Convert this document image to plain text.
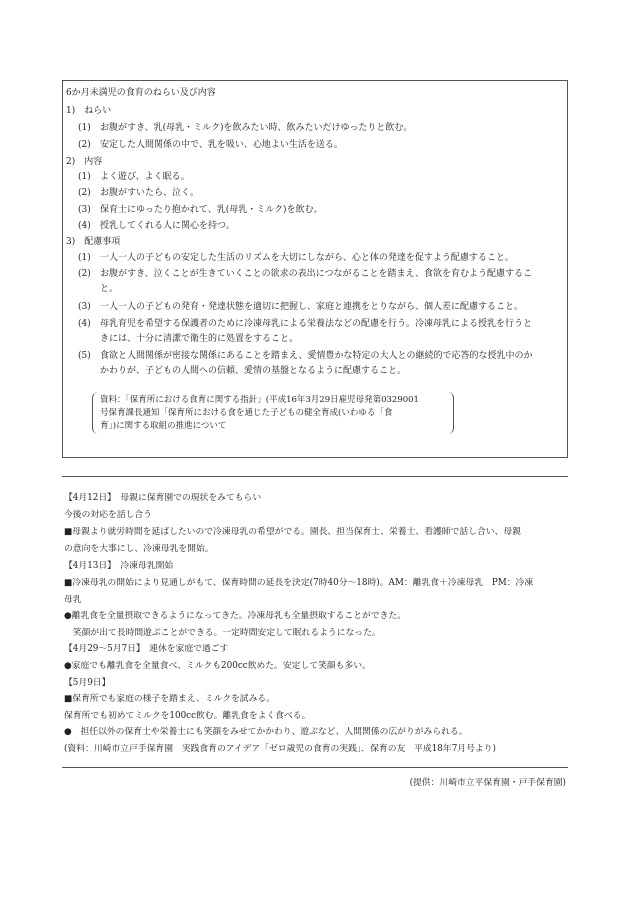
6か月未満児の食育のねらい及び内容
1)　ねらい
(1) お腹がすき、乳(母乳・ミルク)を飲みたい時、飲みたいだけゆったりと飲む。
(2) 安定した人間関係の中で、乳を吸い、心地よい生活を送る。
2)　内容
(1) よく遊び、よく眠る。
(2) お腹がすいたら、泣く。
(3) 保育士にゆったり抱かれて、乳(母乳・ミルク)を飲む。
(4) 授乳してくれる人に関心を持つ。
3)　配慮事項
(1) 一人一人の子どもの安定した生活のリズムを大切にしながら、心と体の発達を促すよう配慮すること。
(2) お腹がすき、泣くことが生きていくことの欲求の表出につながることを踏まえ、食欲を育むよう配慮するこ
と。
(3) 一人一人の子どもの発育・発達状態を適切に把握し、家庭と連携をとりながら、個人差に配慮すること。
(4) 母乳育児を希望する保護者のために冷凍母乳による栄養法などの配慮を行う。冷凍母乳による授乳を行うと
きには、十分に清潔で衛生的に処置をすること。
(5) 食欲と人間関係が密接な関係にあることを踏まえ、愛情豊かな特定の大人との継続的で応答的な授乳中のか
かわりが、子どもの人間への信頼、愛情の基盤となるように配慮すること。
資料：「保育所における食育に関する指針」(平成16年3月29日雇児母発第0329001
号保育課長通知「保育所における食を通じた子どもの健全育成(いわゆる「食
育」)に関する取組の推進について
【4月12日】　母親に保育園での現状をみてもらい
今後の対応を話し合う
■母親より就労時間を延ばしたいので冷凍母乳の希望がでる。園長、担当保育士、栄養士、看護師で話し合い、母親
の意向を大事にし、冷凍母乳を開始。
【4月13日】　冷凍母乳開始
■冷凍母乳の開始により見通しがもて、保育時間の延長を決定(7時40分〜18時)。AM：離乳食＋冷凍母乳　PM：冷凍
母乳
●離乳食を全量摂取できるようになってきた。冷凍母乳も全量摂取することができた。
　笑顔が出て長時間遊ぶことができる。一定時間安定して眠れるようになった。
【4月29〜5月7日】　連休を家庭で過ごす
●家庭でも離乳食を全量食べ、ミルクも200cc飲めた。安定して笑顔も多い。
【5月9日】
■保育所でも家庭の様子を踏まえ、ミルクを試みる。
保育所でも初めてミルクを100cc飲む。離乳食をよく食べる。
●　担任以外の保育士や栄養士にも笑顔をみせてかかわり、遊ぶなど、人間関係の広がりがみられる。
(資料：川崎市立戸手保育園　実践食育のアイデア「ゼロ歳児の食育の実践」．保育の友　平成18年7月号より)
(提供：川崎市立平保育園・戸手保育園)
